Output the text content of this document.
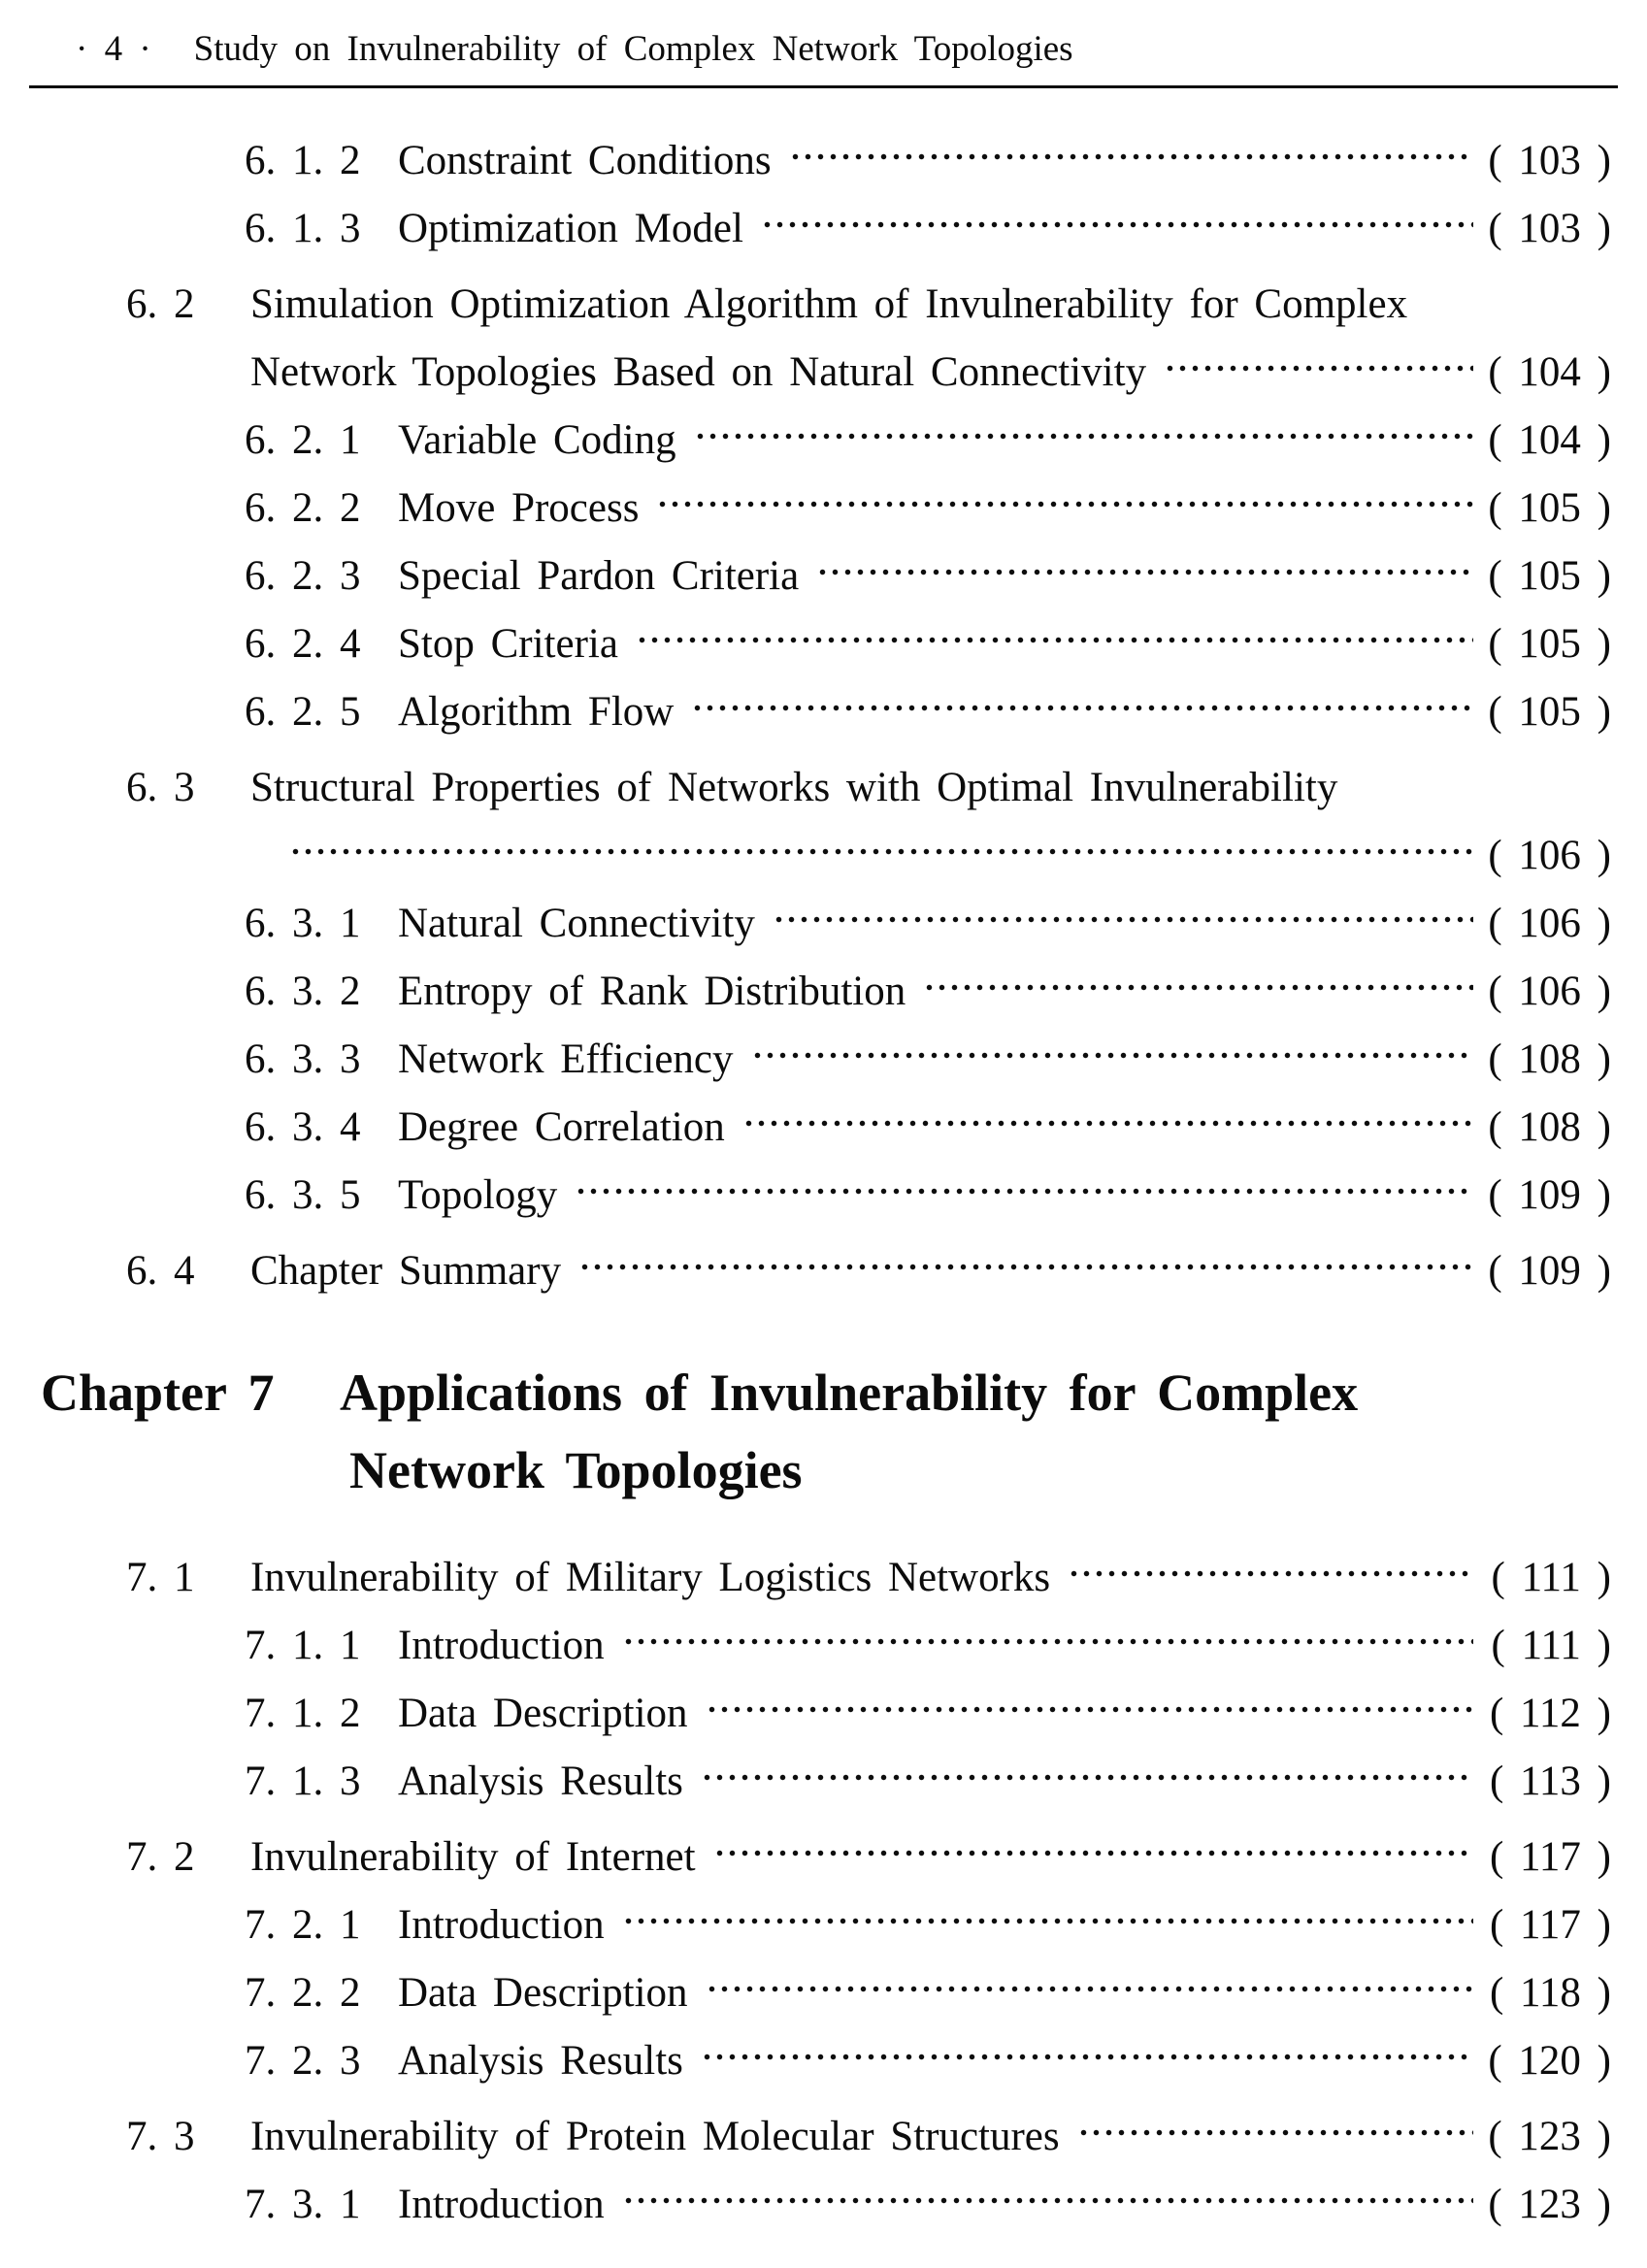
· 4 · Study on Invulnerability of Complex Network Topologies
6. 1. 2 Constraint Conditions	( 103 )
6. 1. 3 Optimization Model	( 103 )
6. 2	Simulation Optimization Algorithm of Invulnerability for Complex
Network Topologies Based on Natural Connectivity	( 104 )
6. 2. 1 Variable Coding	( 104 )
6. 2. 2 Move Process	( 105 )
6. 2. 3 Special Pardon Criteria	( 105 )
6. 2. 4 Stop Criteria	( 105 )
6. 2. 5 Algorithm Flow	( 105 )
6. 3	Structural Properties of Networks with Optimal Invulnerability
( 106 )
6. 3. 1 Natural Connectivity	( 106 )
6. 3. 2 Entropy of Rank Distribution	( 106 )
6. 3. 3 Network Efficiency	( 108 )
6. 3. 4 Degree Correlation	( 108 )
6. 3. 5 Topology	( 109 )
6. 4	Chapter Summary	( 109 )
Chapter 7	Applications of Invulnerability for Complex
Network Topologies
7. 1	Invulnerability of Military Logistics Networks	( 111 )
7. 1. 1 Introduction	( 111 )
7. 1. 2 Data Description	( 112 )
7. 1. 3 Analysis Results	( 113 )
7. 2	Invulnerability of Internet	( 117 )
7. 2. 1 Introduction	( 117 )
7. 2. 2 Data Description	( 118 )
7. 2. 3 Analysis Results	( 120 )
7. 3	Invulnerability of Protein Molecular Structures	( 123 )
7. 3. 1 Introduction	( 123 )
